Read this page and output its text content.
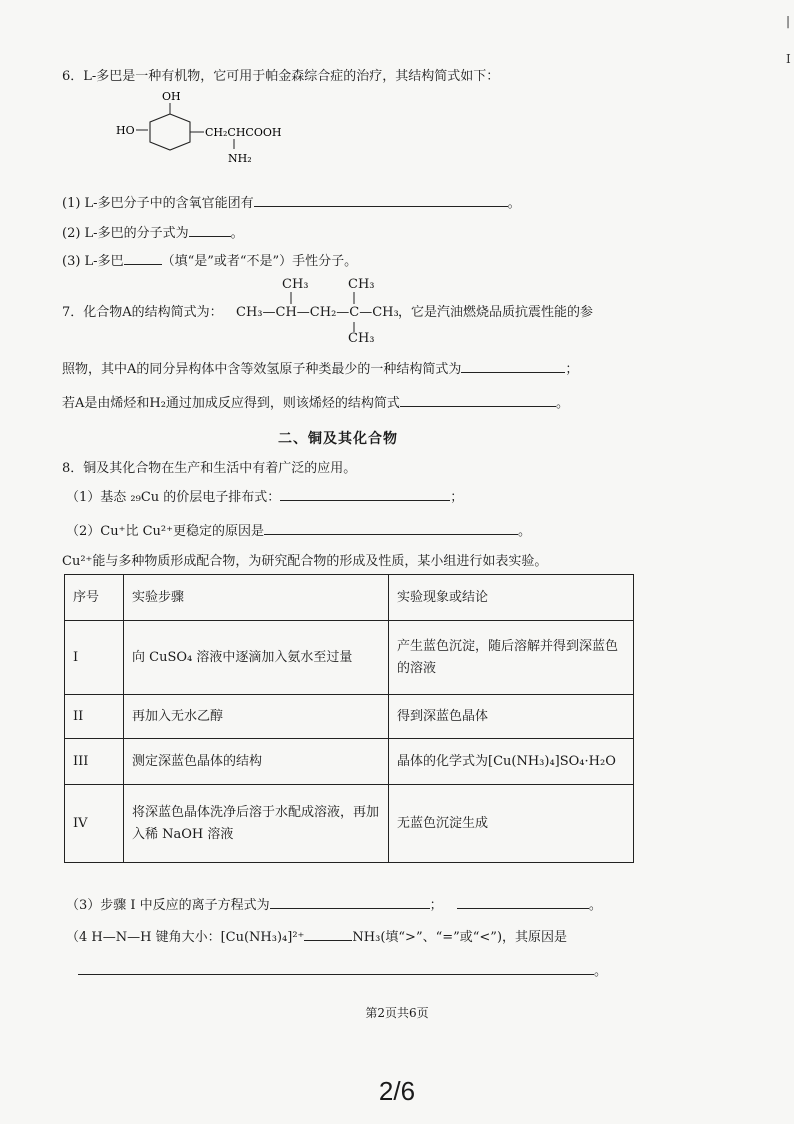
|
I
6．L-多巴是一种有机物，它可用于帕金森综合症的治疗，其结构简式如下：
OH
HO	CH₂CHCOOH
NH₂
(1) L-多巴分子中的含氧官能团有	。
(2) L-多巴的分子式为	。
(3) L-多巴	（填“是”或者“不是”）手性分子。
7．化合物A的结构简式为：
CH₃	CH₃
CH₃—CH—CH₂—C—CH₃
CH₃
，它是汽油燃烧品质抗震性能的参
照物，其中A的同分异构体中含等效氢原子种类最少的一种结构简式为	；
若A是由烯烃和H₂通过加成反应得到，则该烯烃的结构简式	。
二、铜及其化合物
8．铜及其化合物在生产和生活中有着广泛的应用。
（1）基态 ₂₉Cu 的价层电子排布式：	；
（2）Cu⁺比 Cu²⁺更稳定的原因是	。
Cu²⁺能与多种物质形成配合物，为研究配合物的形成及性质，某小组进行如表实验。
序号	实验步骤	实验现象或结论
I	向 CuSO₄ 溶液中逐滴加入氨水至过量	产生蓝色沉淀，随后溶解并得到深蓝色的溶液
II	再加入无水乙醇	得到深蓝色晶体
III	测定深蓝色晶体的结构	晶体的化学式为[Cu(NH₃)₄]SO₄·H₂O
IV	将深蓝色晶体洗净后溶于水配成溶液，再加入稀 NaOH 溶液	无蓝色沉淀生成
（3）步骤 I 中反应的离子方程式为	；	。
（4 H—N—H 键角大小：[Cu(NH₃)₄]²⁺	NH₃(填“>”、“=”或“<”)，其原因是
。
第2页共6页
2/6
